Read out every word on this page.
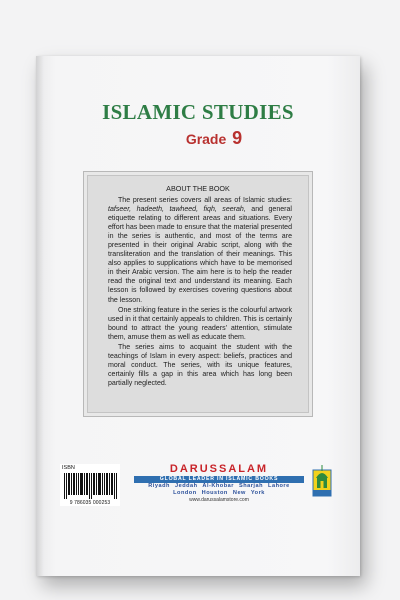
ISLAMIC STUDIES
Grade 9
ABOUT THE BOOK

The present series covers all areas of Islamic studies: tafseer, hadeeth, tawheed, fiqh, seerah, and general etiquette relating to different areas and situations. Every effort has been made to ensure that the material presented in the series is authentic, and most of the terms are presented in their original Arabic script, along with the transliteration and the translation of their meanings. This also applies to supplications which have to be memorised in their Arabic version. The aim here is to help the reader read the original text and understand its meaning. Each lesson is followed by exercises covering questions about the lesson.

One striking feature in the series is the colourful artwork used in it that certainly appeals to children. This is certainly bound to attract the young readers' attention, stimulate them, amuse them as well as educate them.

The series aims to acquaint the student with the teachings of Islam in every aspect: beliefs, practices and moral conduct. The series, with its unique features, certainly fills a gap in this area which has long been partially neglected.

ISBN
9 786035 000253
DARUSSALAM
GLOBAL LEADER IN ISLAMIC BOOKS
Riyadh Jeddah Al-Khobar Sharjah Lahore
London Houston New York
www.darussalamstore.com
